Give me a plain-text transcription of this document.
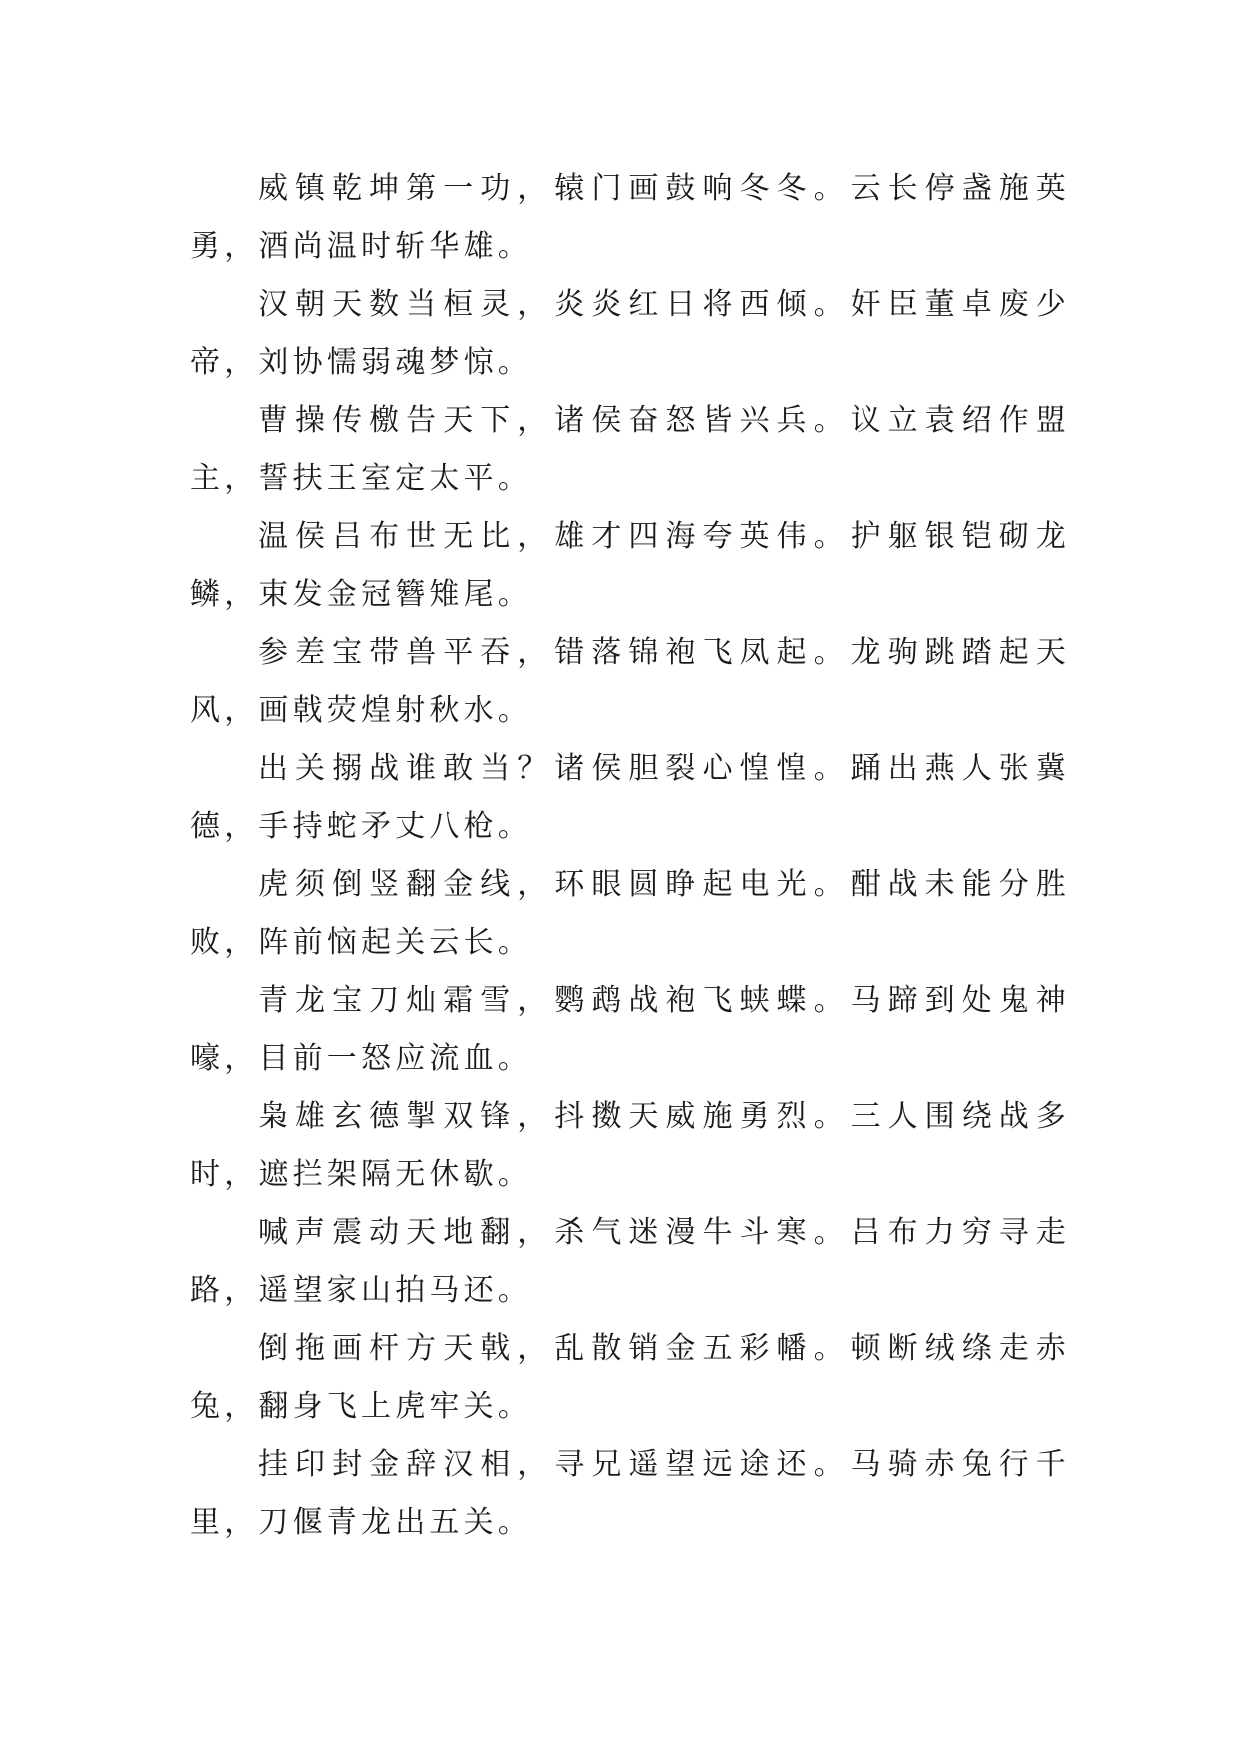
威镇乾坤第一功，辕门画鼓响冬冬。云长停盏施英勇，酒尚温时斩华雄。

汉朝天数当桓灵，炎炎红日将西倾。奸臣董卓废少帝，刘协懦弱魂梦惊。

曹操传檄告天下，诸侯奋怒皆兴兵。议立袁绍作盟主，誓扶王室定太平。

温侯吕布世无比，雄才四海夸英伟。护躯银铠砌龙鳞，束发金冠簪雉尾。

参差宝带兽平吞，错落锦袍飞凤起。龙驹跳踏起天风，画戟荧煌射秋水。

出关搦战谁敢当？诸侯胆裂心惶惶。踊出燕人张冀德，手持蛇矛丈八枪。

虎须倒竖翻金线，环眼圆睁起电光。酣战未能分胜败，阵前恼起关云长。

青龙宝刀灿霜雪，鹦鹉战袍飞蛱蝶。马蹄到处鬼神嚎，目前一怒应流血。

枭雄玄德掣双锋，抖擞天威施勇烈。三人围绕战多时，遮拦架隔无休歇。

喊声震动天地翻，杀气迷漫牛斗寒。吕布力穷寻走路，遥望家山拍马还。

倒拖画杆方天戟，乱散销金五彩幡。顿断绒绦走赤兔，翻身飞上虎牢关。

挂印封金辞汉相，寻兄遥望远途还。马骑赤兔行千里，刀偃青龙出五关。
